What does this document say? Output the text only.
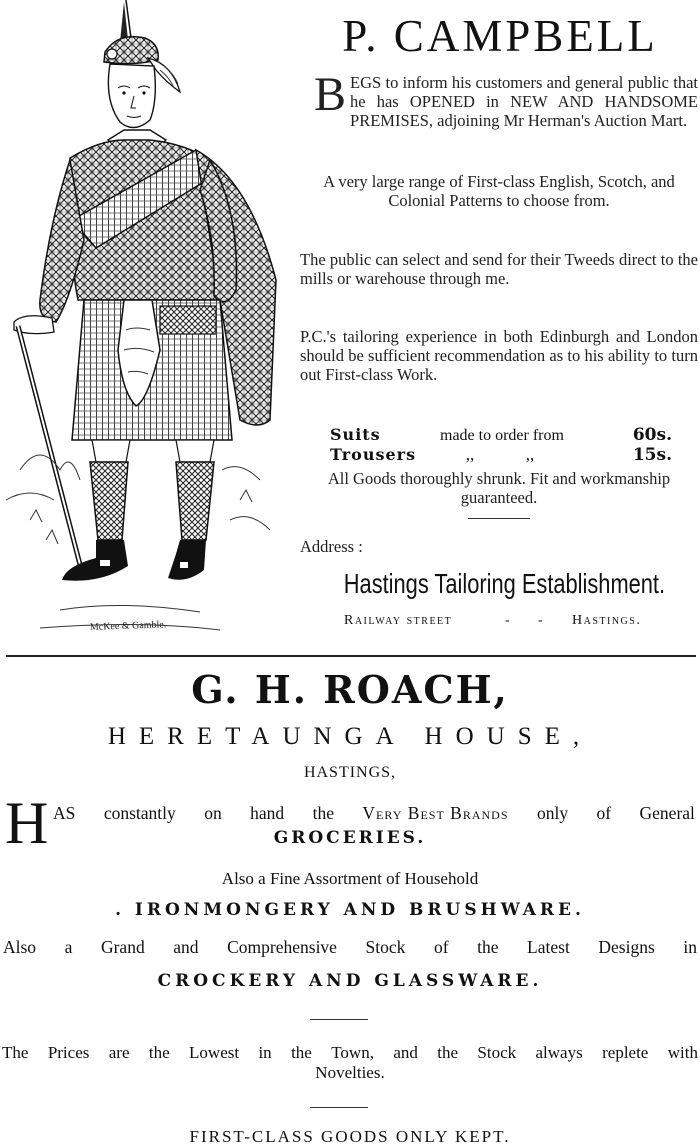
McKee & Gamble.
P. CAMPBELL
BEGS to inform his customers and general public that he has OPENED in NEW AND HANDSOME PREMISES, adjoining Mr Herman's Auction Mart.
A very large range of First-class English, Scotch, and Colonial Patterns to choose from.
The public can select and send for their Tweeds direct to the mills or warehouse through me.
P.C.'s tailoring experience in both Edinburgh and London should be sufficient recommendation as to his ability to turn out First-class Work.
Suits	made to order from	60s.
Trousers	,,	,,	15s.
All Goods thoroughly shrunk. Fit and workmanship guaranteed.
Address :
Hastings Tailoring Establishment.
Railway street	- - Hastings.
G. H. ROACH,
HERETAUNGA HOUSE,
HASTINGS,
H AS constantly on hand the Very Best Brands only of General
GROCERIES.
Also a Fine Assortment of Household
. IRONMONGERY AND BRUSHWARE.
Also a Grand and Comprehensive Stock of the Latest Designs in
CROCKERY AND GLASSWARE.
The Prices are the Lowest in the Town, and the Stock always replete with
Novelties.
FIRST-CLASS GOODS ONLY KEPT.
